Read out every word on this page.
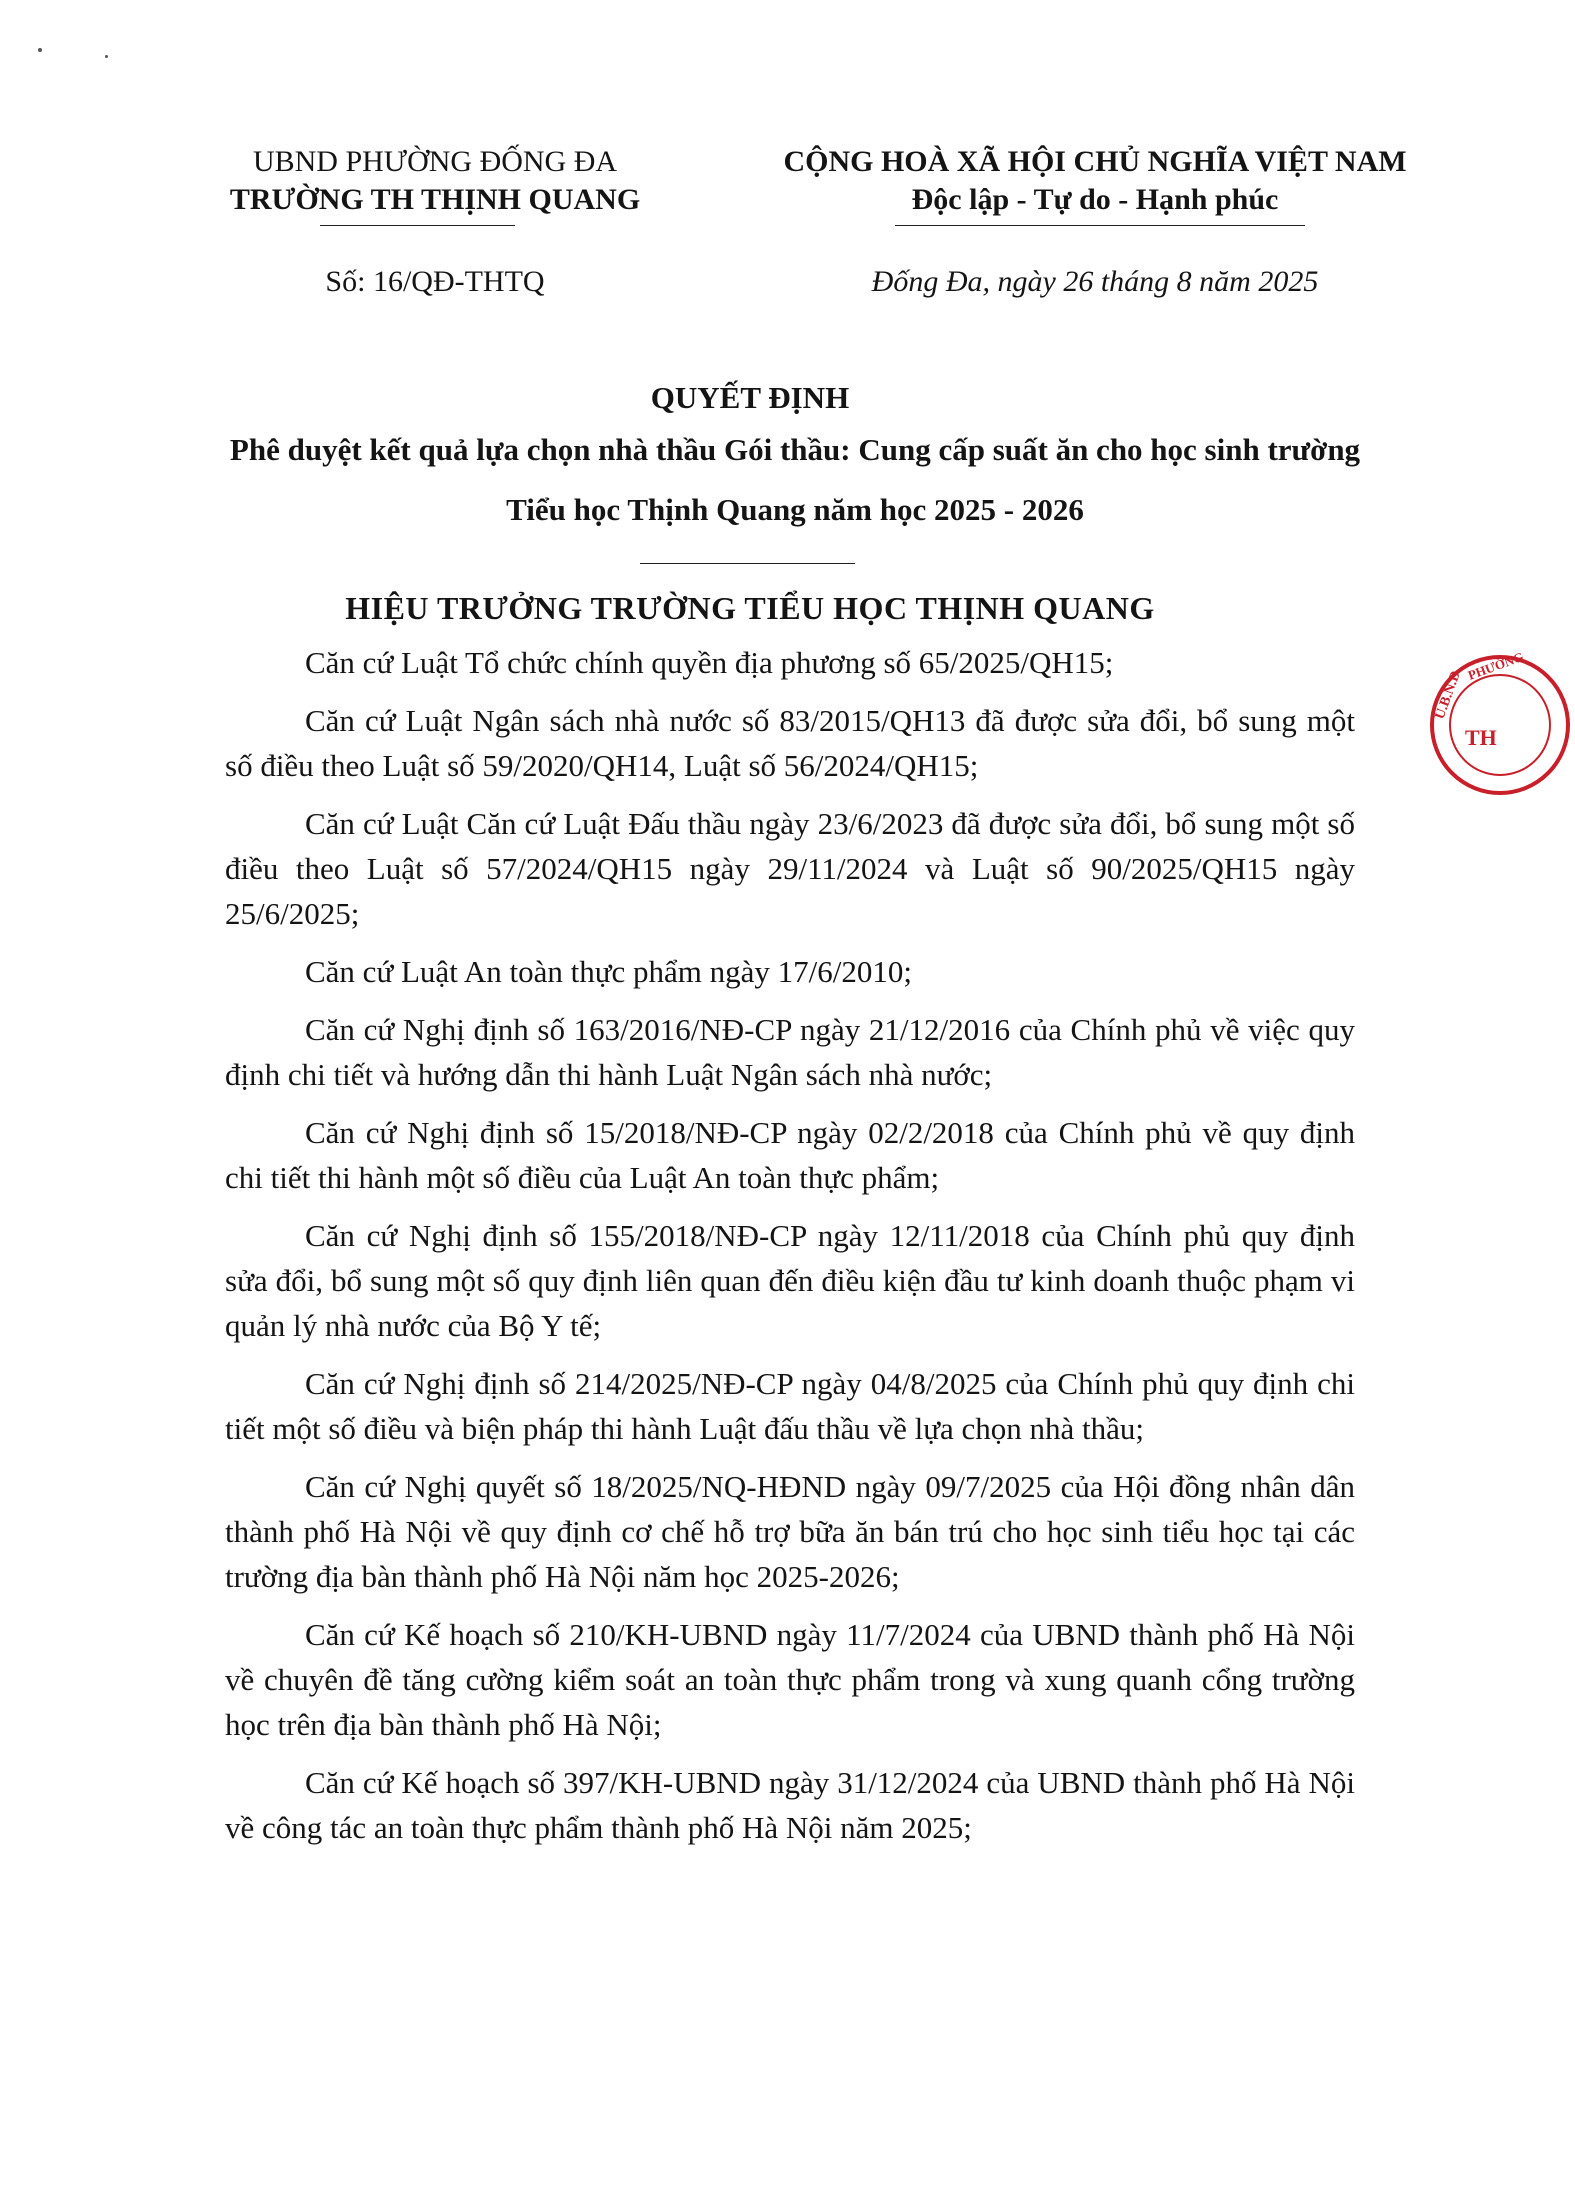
UBND PHƯỜNG ĐỐNG ĐA
TRƯỜNG TH THỊNH QUANG
CỘNG HOÀ XÃ HỘI CHỦ NGHĨA VIỆT NAM
Độc lập - Tự do - Hạnh phúc
Số: 16/QĐ-THTQ	Đống Đa, ngày 26 tháng 8 năm 2025
QUYẾT ĐỊNH
Phê duyệt kết quả lựa chọn nhà thầu Gói thầu: Cung cấp suất ăn cho học sinh trường Tiểu học Thịnh Quang năm học 2025 - 2026
HIỆU TRƯỞNG TRƯỜNG TIỂU HỌC THỊNH QUANG

Căn cứ Luật Tổ chức chính quyền địa phương số 65/2025/QH15;

Căn cứ Luật Ngân sách nhà nước số 83/2015/QH13 đã được sửa đổi, bổ sung một số điều theo Luật số 59/2020/QH14, Luật số 56/2024/QH15;

Căn cứ Luật Căn cứ Luật Đấu thầu ngày 23/6/2023 đã được sửa đổi, bổ sung một số điều theo Luật số 57/2024/QH15 ngày 29/11/2024 và Luật số 90/2025/QH15 ngày 25/6/2025;

Căn cứ Luật An toàn thực phẩm ngày 17/6/2010;

Căn cứ Nghị định số 163/2016/NĐ-CP ngày 21/12/2016 của Chính phủ về việc quy định chi tiết và hướng dẫn thi hành Luật Ngân sách nhà nước;

Căn cứ Nghị định số 15/2018/NĐ-CP ngày 02/2/2018 của Chính phủ về quy định chi tiết thi hành một số điều của Luật An toàn thực phẩm;

Căn cứ Nghị định số 155/2018/NĐ-CP ngày 12/11/2018 của Chính phủ quy định sửa đổi, bổ sung một số quy định liên quan đến điều kiện đầu tư kinh doanh thuộc phạm vi quản lý nhà nước của Bộ Y tế;

Căn cứ Nghị định số 214/2025/NĐ-CP ngày 04/8/2025 của Chính phủ quy định chi tiết một số điều và biện pháp thi hành Luật đấu thầu về lựa chọn nhà thầu;

Căn cứ Nghị quyết số 18/2025/NQ-HĐND ngày 09/7/2025 của Hội đồng nhân dân thành phố Hà Nội về quy định cơ chế hỗ trợ bữa ăn bán trú cho học sinh tiểu học tại các trường địa bàn thành phố Hà Nội năm học 2025-2026;

Căn cứ Kế hoạch số 210/KH-UBND ngày 11/7/2024 của UBND thành phố Hà Nội về chuyên đề tăng cường kiểm soát an toàn thực phẩm trong và xung quanh cổng trường học trên địa bàn thành phố Hà Nội;

Căn cứ Kế hoạch số 397/KH-UBND ngày 31/12/2024 của UBND thành phố Hà Nội về công tác an toàn thực phẩm thành phố Hà Nội năm 2025;

U.B.N.D
PHƯỜNG
TH
